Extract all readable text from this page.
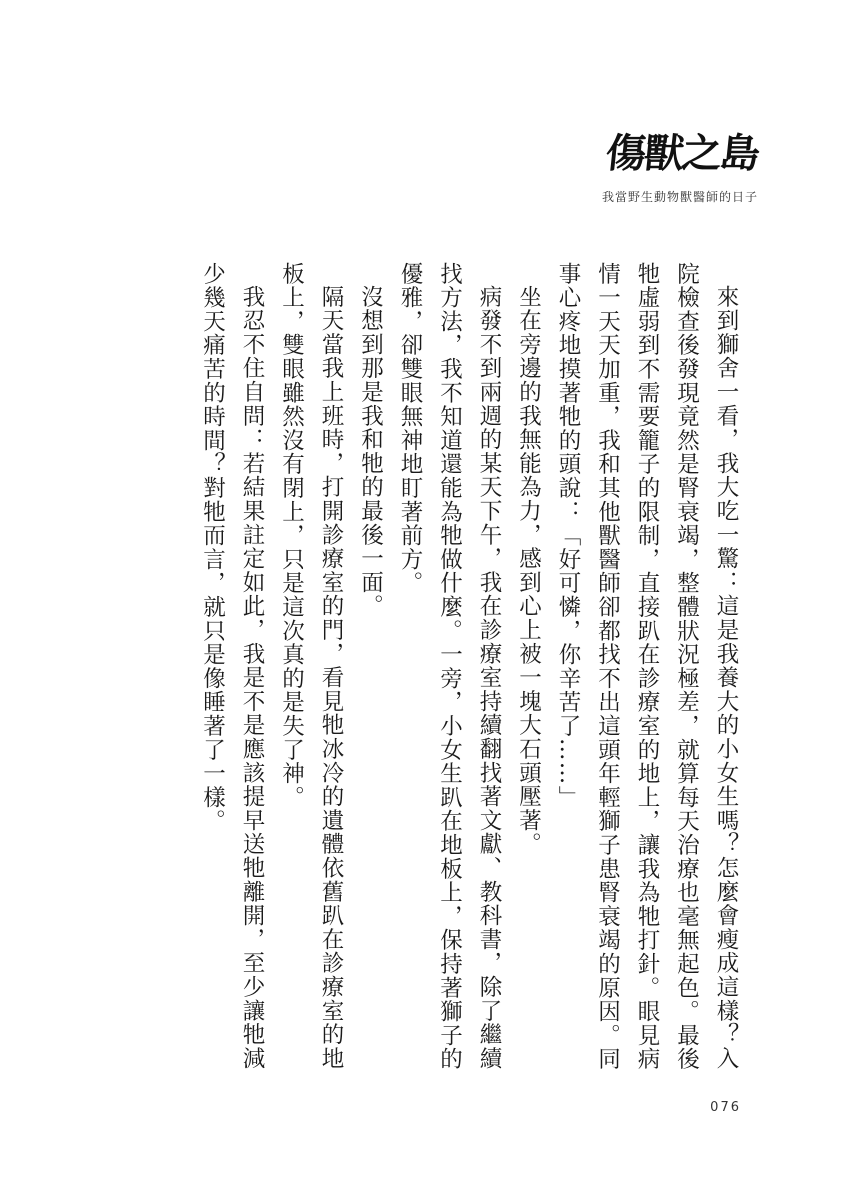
傷獸之島
我當野生動物獸醫師的日子

來到獅舍一看，我大吃一驚：這是我養大的小女生嗎？怎麼會瘦成這樣？入院檢查後發現竟然是腎衰竭，整體狀況極差，就算每天治療也毫無起色。最後牠虛弱到不需要籠子的限制，直接趴在診療室的地上，讓我為牠打針。眼見病情一天天加重，我和其他獸醫師卻都找不出這頭年輕獅子患腎衰竭的原因。同事心疼地摸著牠的頭說：「好可憐，你辛苦了……」

坐在旁邊的我無能為力，感到心上被一塊大石頭壓著。

病發不到兩週的某天下午，我在診療室持續翻找著文獻、教科書，除了繼續找方法，我不知道還能為牠做什麼。一旁，小女生趴在地板上，保持著獅子的優雅，卻雙眼無神地盯著前方。

沒想到那是我和牠的最後一面。

隔天當我上班時，打開診療室的門，看見牠冰冷的遺體依舊趴在診療室的地板上，雙眼雖然沒有閉上，只是這次真的是失了神。

我忍不住自問：若結果註定如此，我是不是應該提早送牠離開，至少讓牠減少幾天痛苦的時間？對牠而言，就只是像睡著了一樣。

076
